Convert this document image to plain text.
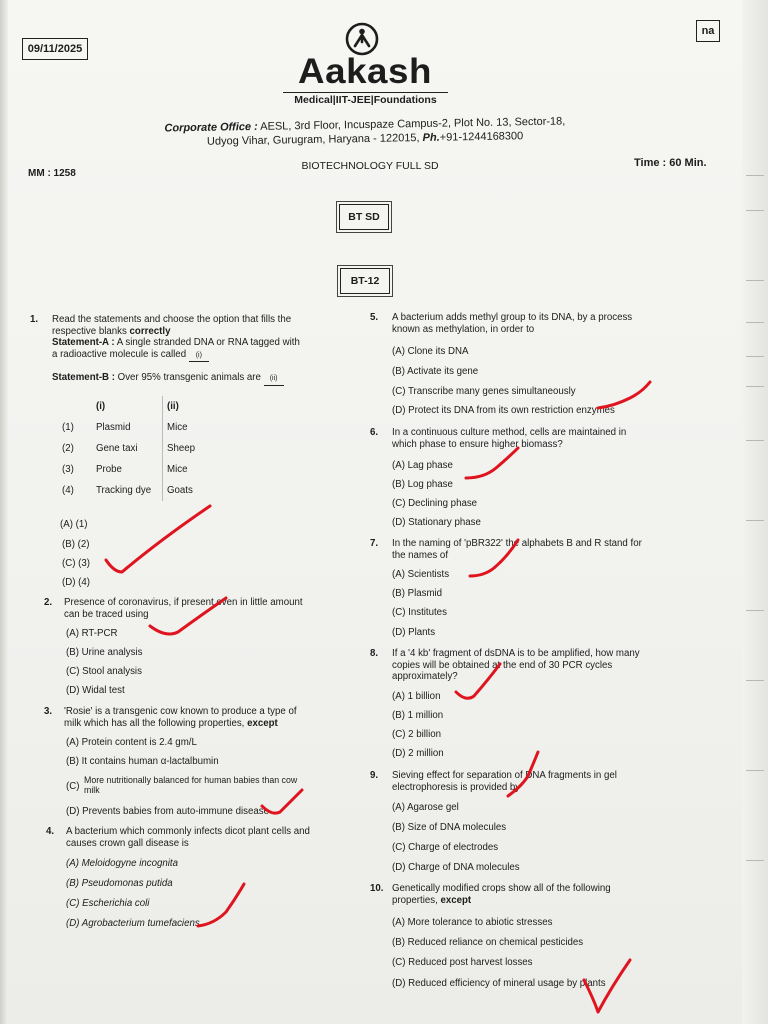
09/11/2025
na
Aakash
Medical|IIT-JEE|Foundations
Corporate Office : AESL, 3rd Floor, Incuspaze Campus-2, Plot No. 13, Sector-18,
Udyog Vihar, Gurugram, Haryana - 122015, Ph.+91-1244168300
MM : 1258
BIOTECHNOLOGY FULL SD	Time : 60 Min.
BT SD
BT-12
1. Read the statements and choose the option that fills the
respective blanks correctly
Statement-A : A single stranded DNA or RNA tagged with
a radioactive molecule is called (i)
Statement-B : Over 95% transgenic animals are (ii)
	(i)	(ii)
(1)	Plasmid	Mice
(2)	Gene taxi	Sheep
(3)	Probe	Mice
(4)	Tracking dye	Goats
(A) (1)
(B) (2)
(C) (3)
(D) (4)
2. Presence of coronavirus, if present even in little amount
can be traced using
(A) RT-PCR
(B) Urine analysis
(C) Stool analysis
(D) Widal test
3. 'Rosie' is a transgenic cow known to produce a type of
milk which has all the following properties, except
(A) Protein content is 2.4 gm/L
(B) It contains human α-lactalbumin
(C)
More nutritionally balanced for human babies than cow
milk
(D) Prevents babies from auto-immune disease
4. A bacterium which commonly infects dicot plant cells and
causes crown gall disease is
(A) Meloidogyne incognita
(B) Pseudomonas putida
(C) Escherichia coli
(D) Agrobacterium tumefaciens
5. A bacterium adds methyl group to its DNA, by a process
known as methylation, in order to
(A) Clone its DNA
(B) Activate its gene
(C) Transcribe many genes simultaneously
(D) Protect its DNA from its own restriction enzymes
6. In a continuous culture method, cells are maintained in
which phase to ensure higher biomass?
(A) Lag phase
(B) Log phase
(C) Declining phase
(D) Stationary phase
7. In the naming of 'pBR322' the alphabets B and R stand for
the names of
(A) Scientists
(B) Plasmid
(C) Institutes
(D) Plants
8. If a '4 kb' fragment of dsDNA is to be amplified, how many
copies will be obtained at the end of 30 PCR cycles
approximately?
(A) 1 billion
(B) 1 million
(C) 2 billion
(D) 2 million
9. Sieving effect for separation of DNA fragments in gel
electrophoresis is provided by
(A) Agarose gel
(B) Size of DNA molecules
(C) Charge of electrodes
(D) Charge of DNA molecules
10. Genetically modified crops show all of the following
properties, except
(A) More tolerance to abiotic stresses
(B) Reduced reliance on chemical pesticides
(C) Reduced post harvest losses
(D) Reduced efficiency of mineral usage by plants
